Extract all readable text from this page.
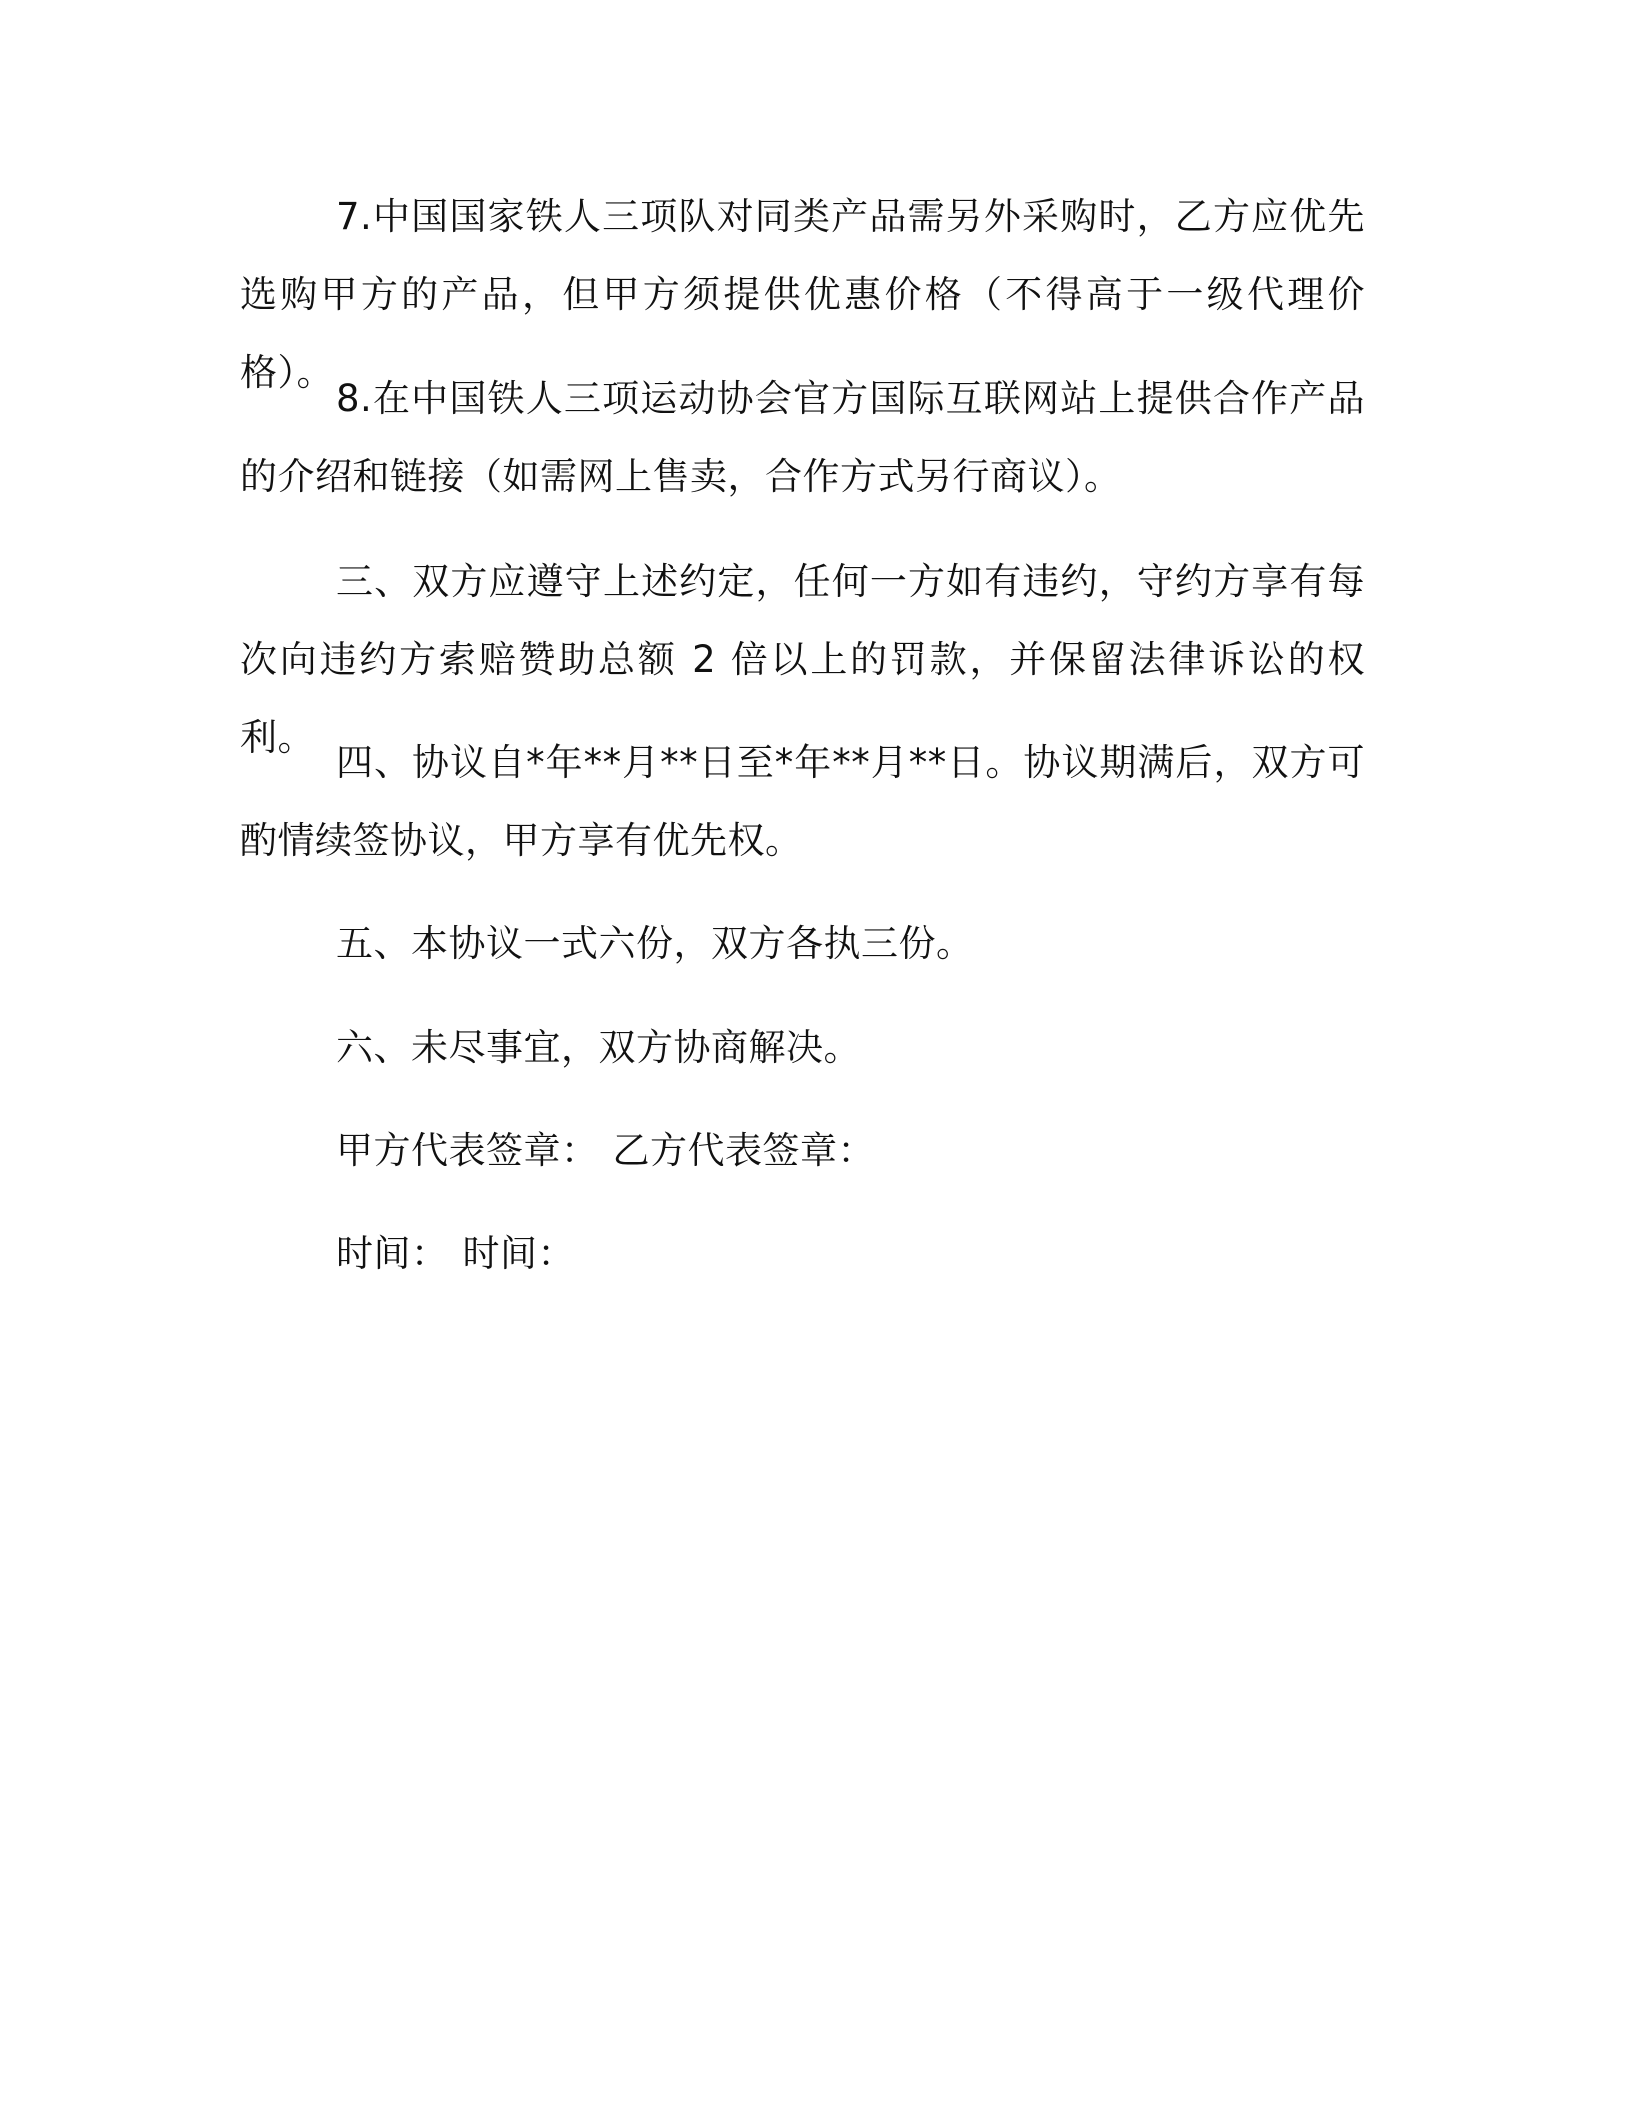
7.中国国家铁人三项队对同类产品需另外采购时，乙方应优先选购甲方的产品，但甲方须提供优惠价格（不得高于一级代理价格）。

8.在中国铁人三项运动协会官方国际互联网站上提供合作产品的介绍和链接（如需网上售卖，合作方式另行商议）。

三、双方应遵守上述约定，任何一方如有违约，守约方享有每次向违约方索赔赞助总额 2 倍以上的罚款，并保留法律诉讼的权利。

四、协议自*年**月**日至*年**月**日。协议期满后，双方可酌情续签协议，甲方享有优先权。

五、本协议一式六份，双方各执三份。

六、未尽事宜，双方协商解决。

甲方代表签章： 乙方代表签章：

时间： 时间：
